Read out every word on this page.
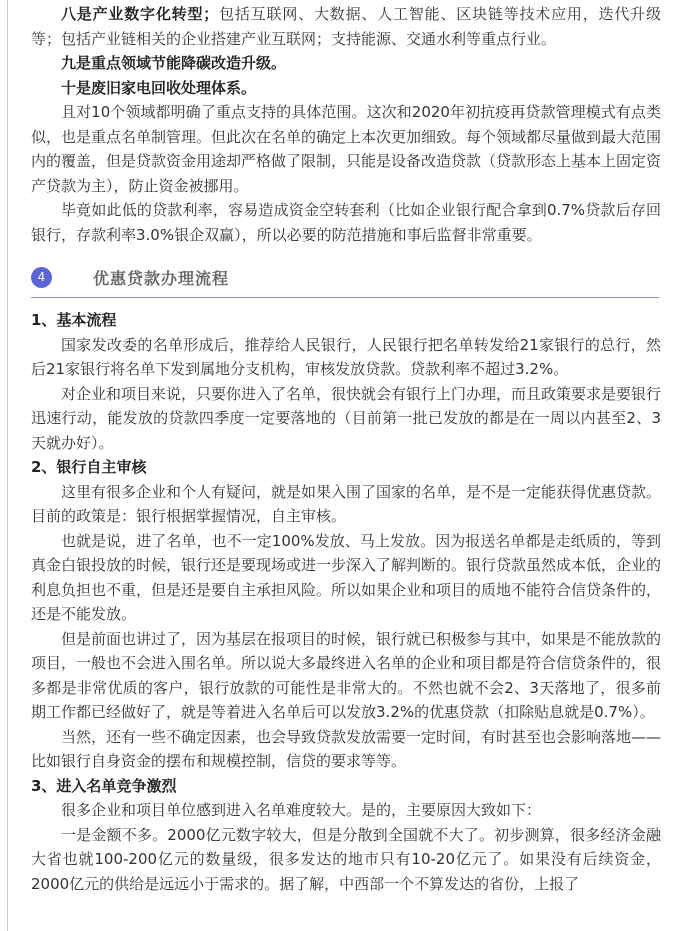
八是产业数字化转型；包括互联网、大数据、人工智能、区块链等技术应用，迭代升级等；包括产业链相关的企业搭建产业互联网；支持能源、交通水利等重点行业。

九是重点领域节能降碳改造升级。

十是废旧家电回收处理体系。

且对10个领域都明确了重点支持的具体范围。这次和2020年初抗疫再贷款管理模式有点类似，也是重点名单制管理。但此次在名单的确定上本次更加细致。每个领域都尽量做到最大范围内的覆盖，但是贷款资金用途却严格做了限制，只能是设备改造贷款（贷款形态上基本上固定资产贷款为主），防止资金被挪用。

毕竟如此低的贷款利率，容易造成资金空转套利（比如企业银行配合拿到0.7%贷款后存回银行，存款利率3.0%银企双赢），所以必要的防范措施和事后监督非常重要。

4	优惠贷款办理流程

1、基本流程

国家发改委的名单形成后，推荐给人民银行，人民银行把名单转发给21家银行的总行，然后21家银行将名单下发到属地分支机构，审核发放贷款。贷款利率不超过3.2%。

对企业和项目来说，只要你进入了名单，很快就会有银行上门办理，而且政策要求是要银行迅速行动，能发放的贷款四季度一定要落地的（目前第一批已发放的都是在一周以内甚至2、3天就办好）。

2、银行自主审核

这里有很多企业和个人有疑问，就是如果入围了国家的名单，是不是一定能获得优惠贷款。目前的政策是：银行根据掌握情况，自主审核。

也就是说，进了名单，也不一定100%发放、马上发放。因为报送名单都是走纸质的，等到真金白银投放的时候，银行还是要现场或进一步深入了解判断的。银行贷款虽然成本低，企业的利息负担也不重，但是还是要自主承担风险。所以如果企业和项目的质地不能符合信贷条件的，还是不能发放。

但是前面也讲过了，因为基层在报项目的时候，银行就已积极参与其中，如果是不能放款的项目，一般也不会进入围名单。所以说大多最终进入名单的企业和项目都是符合信贷条件的，很多都是非常优质的客户，银行放款的可能性是非常大的。不然也就不会2、3天落地了，很多前期工作都已经做好了，就是等着进入名单后可以发放3.2%的优惠贷款（扣除贴息就是0.7%）。

当然，还有一些不确定因素，也会导致贷款发放需要一定时间，有时甚至也会影响落地——比如银行自身资金的摆布和规模控制，信贷的要求等等。

3、进入名单竞争激烈

很多企业和项目单位感到进入名单难度较大。是的，主要原因大致如下：

一是金额不多。2000亿元数字较大，但是分散到全国就不大了。初步测算，很多经济金融大省也就100-200亿元的数量级，很多发达的地市只有10-20亿元了。如果没有后续资金，2000亿元的供给是远远小于需求的。据了解，中西部一个不算发达的省份，上报了
